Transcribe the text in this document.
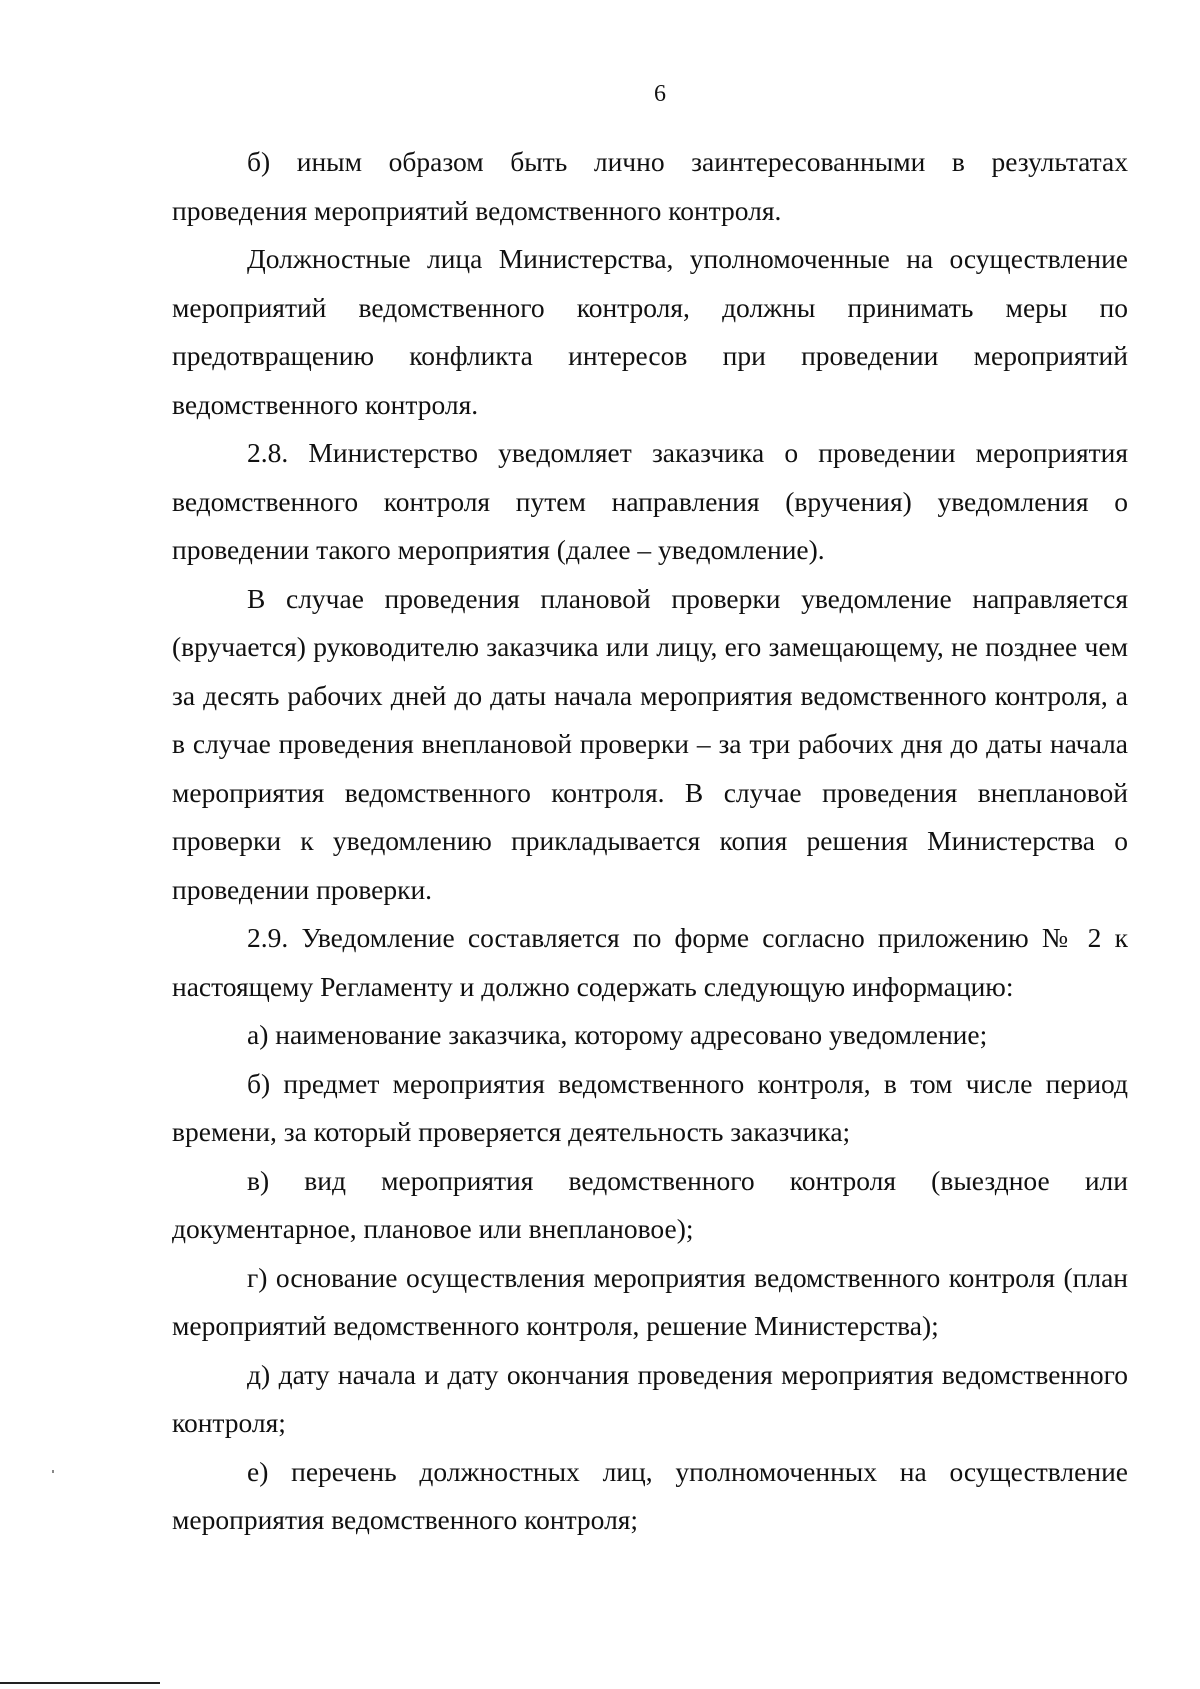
6

б) иным образом быть лично заинтересованными в результатах проведения мероприятий ведомственного контроля.

Должностные лица Министерства, уполномоченные на осуществление мероприятий ведомственного контроля, должны принимать меры по предотвращению конфликта интересов при проведении мероприятий ведомственного контроля.

2.8. Министерство уведомляет заказчика о проведении мероприятия ведомственного контроля путем направления (вручения) уведомления о проведении такого мероприятия (далее – уведомление).

В случае проведения плановой проверки уведомление направляется (вручается) руководителю заказчика или лицу, его замещающему, не позднее чем за десять рабочих дней до даты начала мероприятия ведомственного контроля, а в случае проведения внеплановой проверки – за три рабочих дня до даты начала мероприятия ведомственного контроля. В случае проведения внеплановой проверки к уведомлению прикладывается копия решения Министерства о проведении проверки.

2.9. Уведомление составляется по форме согласно приложению № 2 к настоящему Регламенту и должно содержать следующую информацию:

а) наименование заказчика, которому адресовано уведомление;

б) предмет мероприятия ведомственного контроля, в том числе период времени, за который проверяется деятельность заказчика;

в) вид мероприятия ведомственного контроля (выездное или документарное, плановое или внеплановое);

г) основание осуществления мероприятия ведомственного контроля (план мероприятий ведомственного контроля, решение Министерства);

д) дату начала и дату окончания проведения мероприятия ведомственного контроля;

е) перечень должностных лиц, уполномоченных на осуществление мероприятия ведомственного контроля;
